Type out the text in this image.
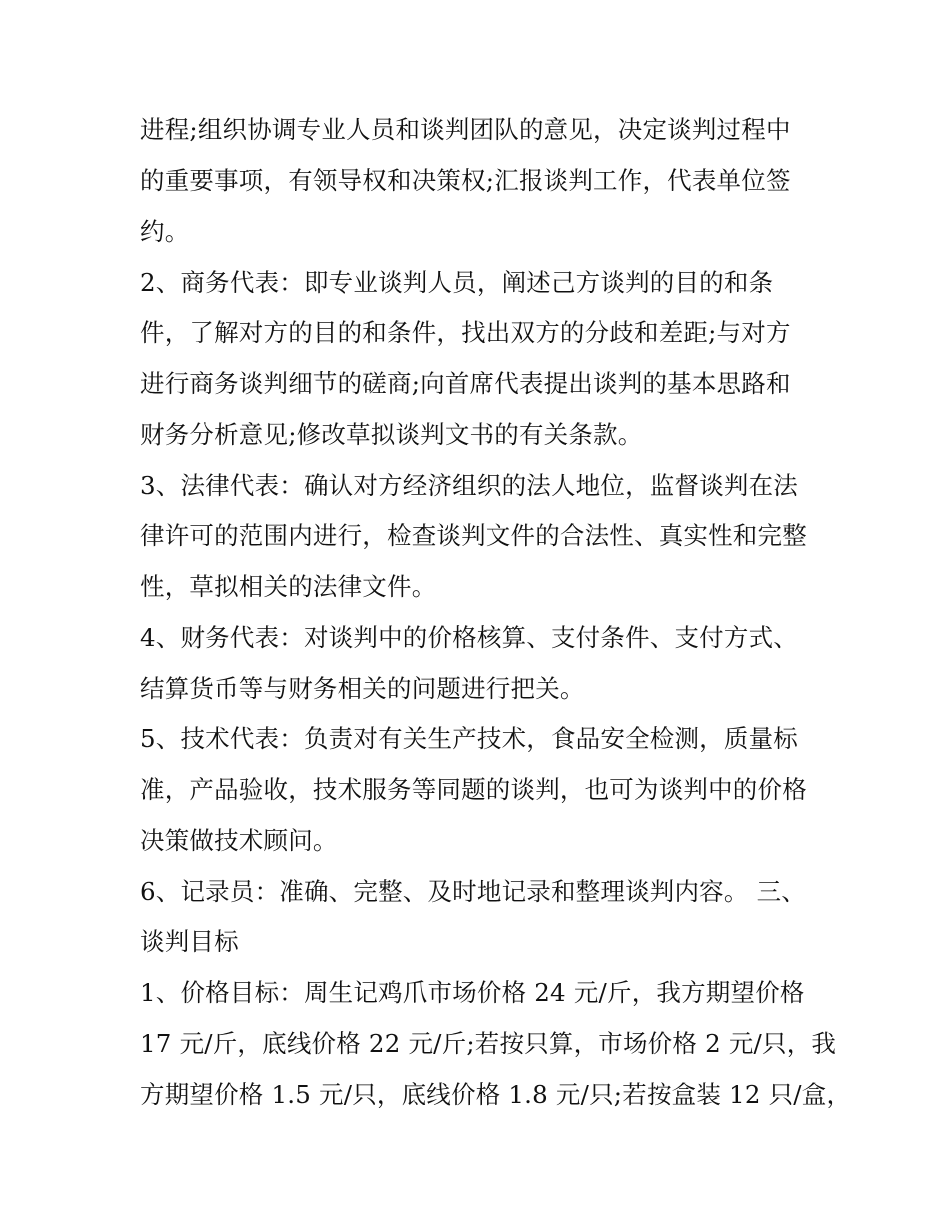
进程;组织协调专业人员和谈判团队的意见，决定谈判过程中
的重要事项，有领导权和决策权;汇报谈判工作，代表单位签
约。
2、商务代表：即专业谈判人员，阐述己方谈判的目的和条
件，了解对方的目的和条件，找出双方的分歧和差距;与对方
进行商务谈判细节的磋商;向首席代表提出谈判的基本思路和
财务分析意见;修改草拟谈判文书的有关条款。
3、法律代表：确认对方经济组织的法人地位，监督谈判在法
律许可的范围内进行，检查谈判文件的合法性、真实性和完整
性，草拟相关的法律文件。
4、财务代表：对谈判中的价格核算、支付条件、支付方式、
结算货币等与财务相关的问题进行把关。
5、技术代表：负责对有关生产技术，食品安全检测，质量标
准，产品验收，技术服务等同题的谈判，也可为谈判中的价格
决策做技术顾问。
6、记录员：准确、完整、及时地记录和整理谈判内容。 三、
谈判目标
1、价格目标：周生记鸡爪市场价格 24 元/斤，我方期望价格
17 元/斤，底线价格 22 元/斤;若按只算，市场价格 2 元/只，我
方期望价格 1.5 元/只，底线价格 1.8 元/只;若按盒装 12 只/盒，
